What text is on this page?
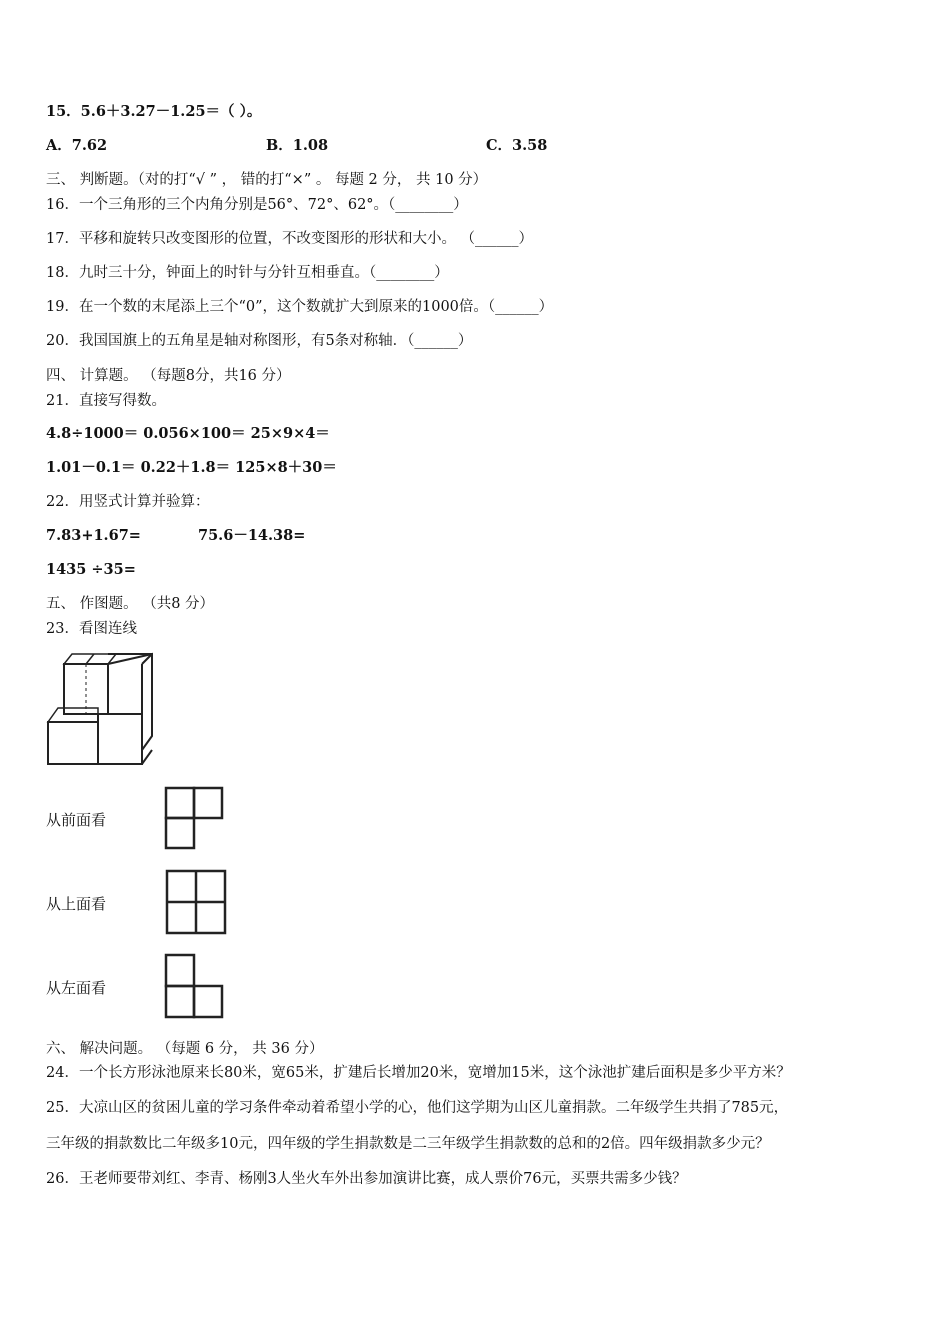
15．5.6＋3.27－1.25＝（ ）。
A．7.62	B．1.08	C．3.58
三、 判断题。（对的打“√ ” ， 错的打“×” 。 每题 2 分， 共 10 分）
16．一个三角形的三个内角分别是56°、72°、62°。（________）
17．平移和旋转只改变图形的位置，不改变图形的形状和大小。 （______）
18．九时三十分，钟面上的时针与分针互相垂直。（________）
19．在一个数的末尾添上三个“0”，这个数就扩大到原来的1000倍。（______）
20．我国国旗上的五角星是轴对称图形，有5条对称轴．（______）
四、 计算题。 （每题8分，共16 分）
21．直接写得数。
4.8÷1000＝ 0.056×100＝ 25×9×4＝
1.01－0.1＝ 0.22＋1.8＝ 125×8＋30＝
22．用竖式计算并验算：
7.83+1.67=	75.6－14.38=
1435 ÷35=
五、 作图题。 （共8 分）
23．看图连线
从前面看
从上面看
从左面看
六、 解决问题。 （每题 6 分， 共 36 分）
24．一个长方形泳池原来长80米，宽65米，扩建后长增加20米，宽增加15米，这个泳池扩建后面积是多少平方米？
25．大凉山区的贫困儿童的学习条件牵动着希望小学的心，他们这学期为山区儿童捐款。二年级学生共捐了785元，
三年级的捐款数比二年级多10元，四年级的学生捐款数是二三年级学生捐款数的总和的2倍。四年级捐款多少元？
26．王老师要带刘红、李青、杨刚3人坐火车外出参加演讲比赛，成人票价76元，买票共需多少钱？
